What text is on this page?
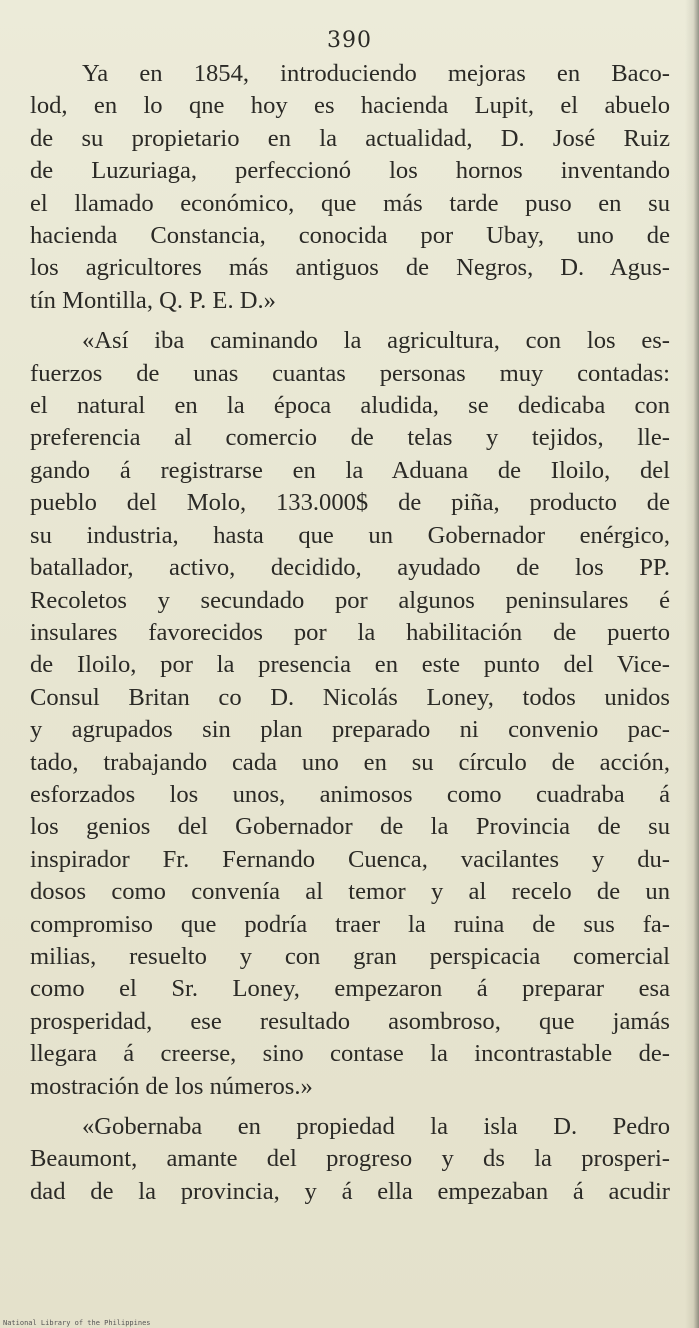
390
Ya en 1854, introduciendo mejoras en Baco-
lod, en lo qne hoy es hacienda Lupit, el abuelo
de su propietario en la actualidad, D. José Ruiz
de Luzuriaga, perfeccionó los hornos inventando
el llamado económico, que más tarde puso en su
hacienda Constancia, conocida por Ubay, uno de
los agricultores más antiguos de Negros, D. Agus-
tín Montilla, Q. P. E. D.»
«Así iba caminando la agricultura, con los es-
fuerzos de unas cuantas personas muy contadas:
el natural en la época aludida, se dedicaba con
preferencia al comercio de telas y tejidos, lle-
gando á registrarse en la Aduana de Iloilo, del
pueblo del Molo, 133.000$ de piña, producto de
su industria, hasta que un Gobernador enérgico,
batallador, activo, decidido, ayudado de los PP.
Recoletos y secundado por algunos peninsulares é
insulares favorecidos por la habilitación de puerto
de Iloilo, por la presencia en este punto del Vice-
Consul Britan co D. Nicolás Loney, todos unidos
y agrupados sin plan preparado ni convenio pac-
tado, trabajando cada uno en su círculo de acción,
esforzados los unos, animosos como cuadraba á
los genios del Gobernador de la Provincia de su
inspirador Fr. Fernando Cuenca, vacilantes y du-
dosos como convenía al temor y al recelo de un
compromiso que podría traer la ruina de sus fa-
milias, resuelto y con gran perspicacia comercial
como el Sr. Loney, empezaron á preparar esa
prosperidad, ese resultado asombroso, que jamás
llegara á creerse, sino contase la incontrastable de-
mostración de los números.»
«Gobernaba en propiedad la isla D. Pedro
Beaumont, amante del progreso y ds la prosperi-
dad de la provincia, y á ella empezaban á acudir
National Library of the Philippines
